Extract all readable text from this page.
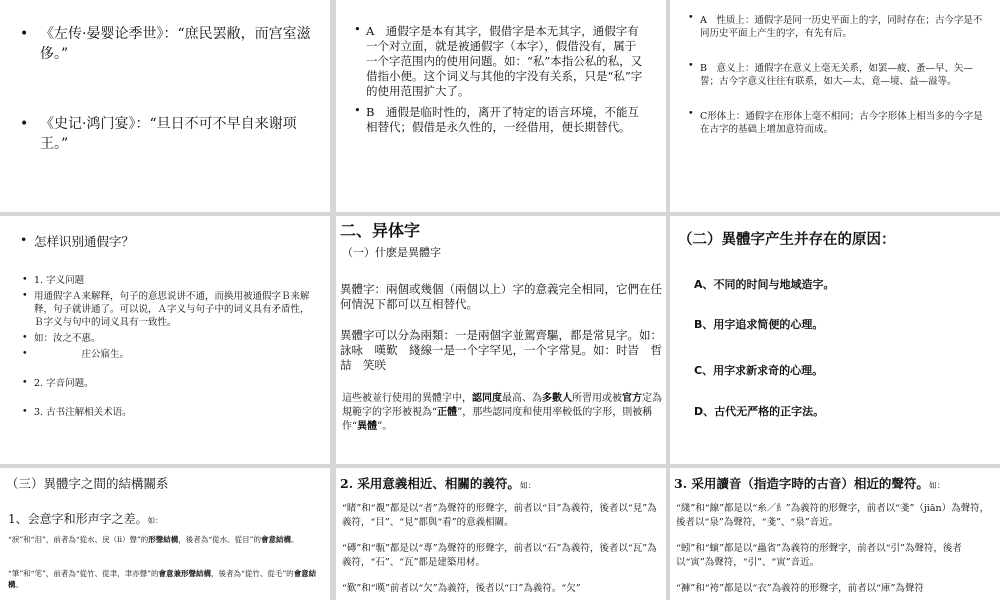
• 《左传·晏婴论季世》：“庶民罢敝，而宫室滋侈。”
• 《史记·鸿门宴》：“旦日不可不早自来谢项王。”
• A　通假字是本有其字，假借字是本无其字，通假字有一个对立面，就是被通假字（本字），假借没有，属于一个字范围内的使用问题。如：“私”本指公私的私，又借指小便。这个词义与其他的字没有关系，只是“私”字的使用范围扩大了。
• B　通假是临时性的，离开了特定的语言环境，不能互相替代；假借是永久性的，一经借用，便长期替代。
• A　性质上：通假字是同一历史平面上的字，同时存在；古今字是不同历史平面上产生的字，有先有后。
• B　意义上：通假字在意义上毫无关系，如罢—疲、蚤—早、矢—誓；古今字意义往往有联系，如大—太、竟—境、益—溢等。
• C形体上：通假字在形体上毫不相同；古今字形体上相当多的今字是在古字的基础上增加意符而成。
• 怎样识别通假字？
• 1. 字义问题
• 用通假字Ａ来解释，句子的意思说讲不通，而换用被通假字Ｂ来解释，句子就讲通了。可以说，Ａ字义与句子中的词义具有矛盾性，Ｂ字义与句中的词义具有一致性。
• 如：汝之不惠。
• 　　　　　庄公寤生。
• 2. 字音问题。
• 3. 古书注解相关术语。
二、异体字
（一）什麽是異體字
異體字：兩個或幾個（兩個以上）字的意義完全相同，它們在任何情況下都可以互相替代。
異體字可以分為兩類：一是兩個字並駕齊驅，都是常見字。如：詠咏　嘆歎　綫線一是一个字罕见，一个字常見。如：时旹　哲喆　笑咲
這些被並行使用的異體字中，認同度最高、為多數人所習用或被官方定為規範字的字形被視為“正體”，那些認同度和使用率較低的字形，則被稱作“異體”。
（二）異體字产生并存在的原因：
A、不同的时间与地域造字。
B、用字追求简便的心理。
C、用字求新求奇的心理。
D、古代无严格的正字法。
（三）異體字之間的結構關系
1、会意字和形声字之差。如：
“淚”和“泪”，前者為“從水、戾（lì）聲”的形聲結構，後者為“從水、從目”的會意結構。
“筆”和“笔”，前者為“從竹、從聿，聿亦聲”的會意兼形聲結構，後者為“從竹、從毛”的會意結構。
2. 采用意義相近、相關的義符。如：
“睹”和“覩”都是以“者”為聲符的形聲字，前者以“目”為義符，後者以“見”為義符，“目”、“見”都與“看”的意義相關。
“磚”和“甎”都是以“專”為聲符的形聲字，前者以“石”為義符，後者以“瓦”為義符，“石”、“瓦”都是建築用材。
“歎”和“嘆”前者以“欠”為義符，後者以“口”為義符。“欠”
3. 采用讀音（指造字時的古音）相近的聲符。如：
“綫”和“線”都是以“糸／糹”為義符的形聲字，前者以“戔”（jiān）為聲符，後者以“泉”為聲符，“戔”、“泉”音近。
“蚓”和“螾”都是以“蟲省”為義符的形聲字，前者以“引”為聲符，後者以“寅”為聲符，“引”、“寅”音近。
“褲”和“袴”都是以“衣”為義符的形聲字，前者以“庫”為聲符
